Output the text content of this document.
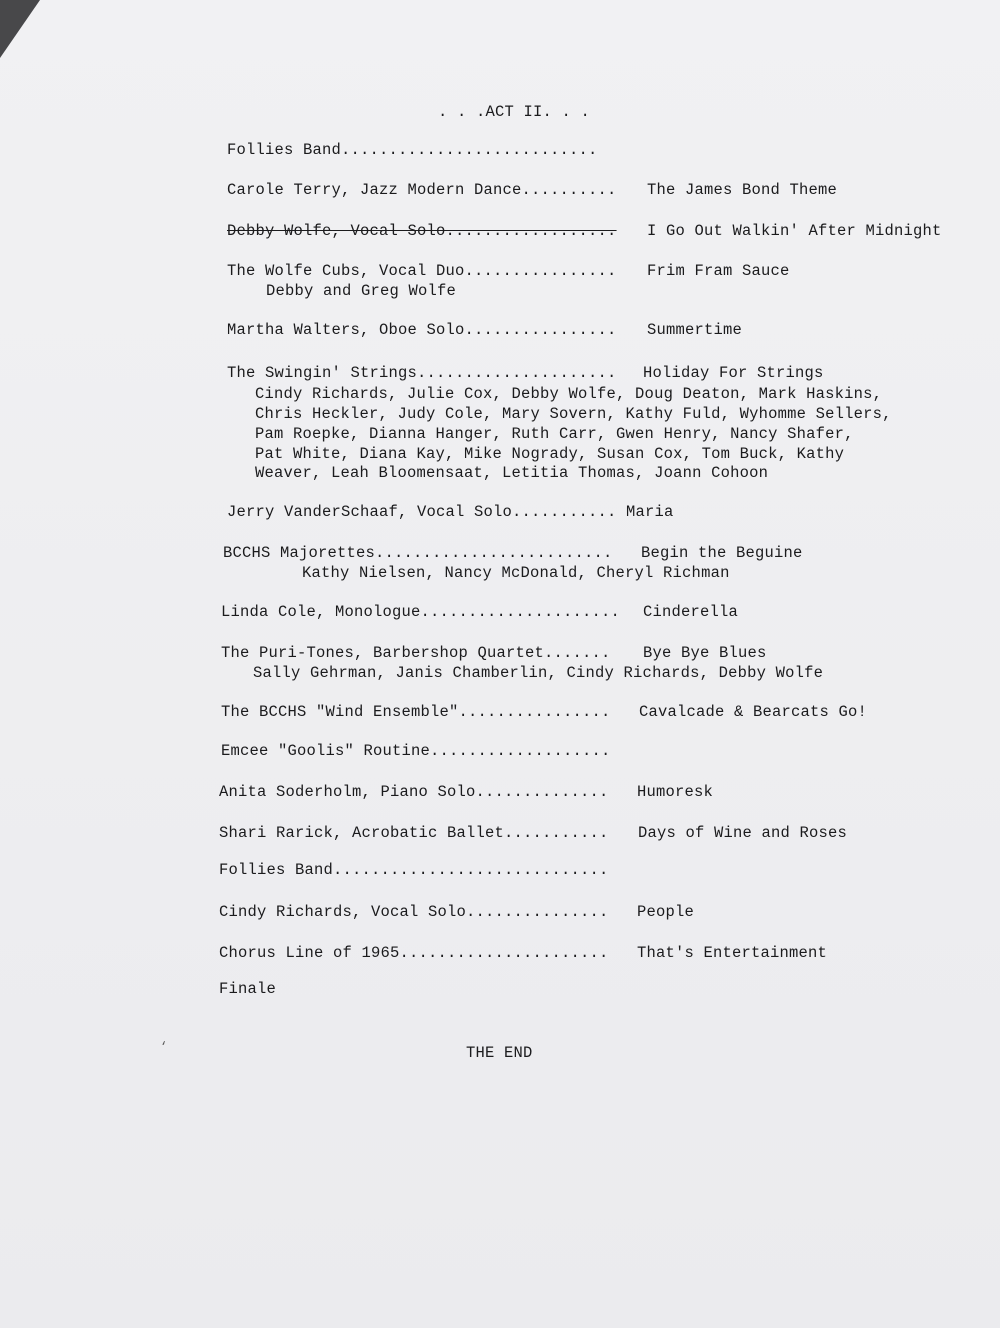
. . .ACT II. . .
Follies Band...........................
Carole Terry, Jazz Modern Dance.......... The James Bond Theme
Debby Wolfe, Vocal Solo.................. I Go Out Walkin' After Midnight
The Wolfe Cubs, Vocal Duo................ Frim Fram Sauce
Debby and Greg Wolfe
Martha Walters, Oboe Solo................ Summertime
The Swingin' Strings..................... Holiday For Strings
Cindy Richards, Julie Cox, Debby Wolfe, Doug Deaton, Mark Haskins,
Chris Heckler, Judy Cole, Mary Sovern, Kathy Fuld, Wyhomme Sellers,
Pam Roepke, Dianna Hanger, Ruth Carr, Gwen Henry, Nancy Shafer,
Pat White, Diana Kay, Mike Nogrady, Susan Cox, Tom Buck, Kathy
Weaver, Leah Bloomensaat, Letitia Thomas, Joann Cohoon
Jerry VanderSchaaf, Vocal Solo........... Maria
BCCHS Majorettes......................... Begin the Beguine
Kathy Nielsen, Nancy McDonald, Cheryl Richman
Linda Cole, Monologue..................... Cinderella
The Puri-Tones, Barbershop Quartet....... Bye Bye Blues
Sally Gehrman, Janis Chamberlin, Cindy Richards, Debby Wolfe
The BCCHS "Wind Ensemble"................ Cavalcade & Bearcats Go!
Emcee "Goolis" Routine...................
Anita Soderholm, Piano Solo.............. Humoresk
Shari Rarick, Acrobatic Ballet........... Days of Wine and Roses
Follies Band.............................
Cindy Richards, Vocal Solo............... People
Chorus Line of 1965...................... That's Entertainment
Finale
‘	THE END
